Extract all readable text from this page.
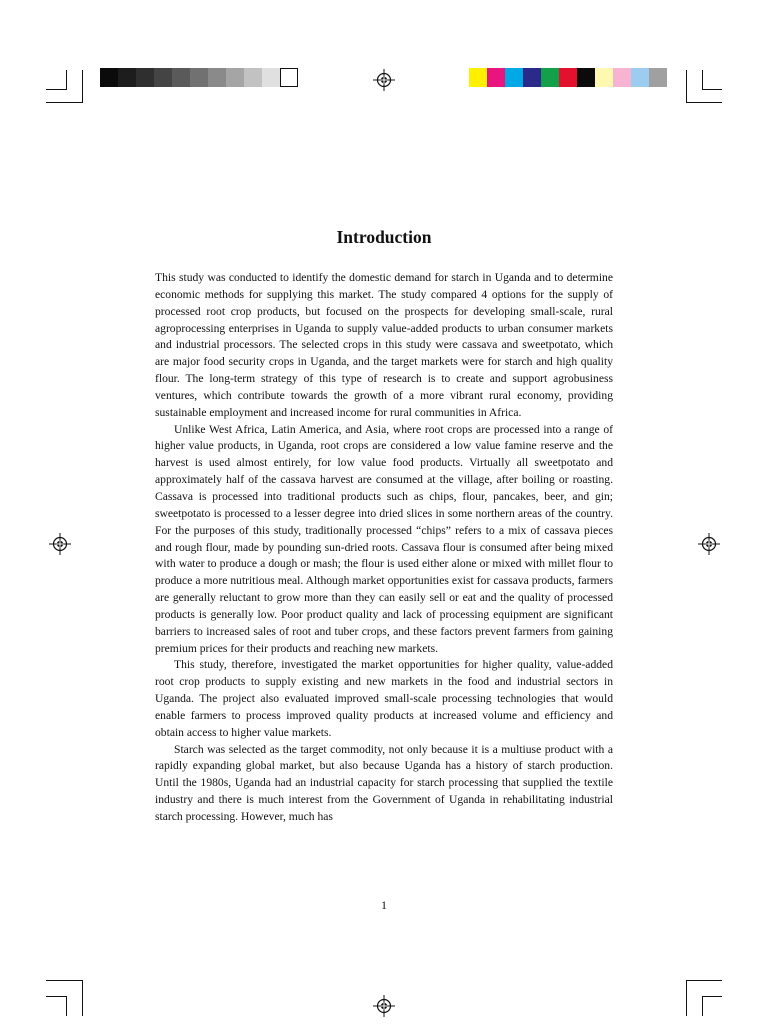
Introduction

This study was conducted to identify the domestic demand for starch in Uganda and to determine economic methods for supplying this market. The study compared 4 options for the supply of processed root crop products, but focused on the prospects for developing small-scale, rural agroprocessing enterprises in Uganda to supply value-added products to urban consumer markets and industrial processors. The selected crops in this study were cassava and sweetpotato, which are major food security crops in Uganda, and the target markets were for starch and high quality flour. The long-term strategy of this type of research is to create and support agrobusiness ventures, which contribute towards the growth of a more vibrant rural economy, providing sustainable employment and increased income for rural communities in Africa.

Unlike West Africa, Latin America, and Asia, where root crops are processed into a range of higher value products, in Uganda, root crops are considered a low value famine reserve and the harvest is used almost entirely, for low value food products. Virtually all sweetpotato and approximately half of the cassava harvest are consumed at the village, after boiling or roasting. Cassava is processed into traditional products such as chips, flour, pancakes, beer, and gin; sweetpotato is processed to a lesser degree into dried slices in some northern areas of the country. For the purposes of this study, traditionally processed “chips” refers to a mix of cassava pieces and rough flour, made by pounding sun-dried roots. Cassava flour is consumed after being mixed with water to produce a dough or mash; the flour is used either alone or mixed with millet flour to produce a more nutritious meal. Although market opportunities exist for cassava products, farmers are generally reluctant to grow more than they can easily sell or eat and the quality of processed products is generally low. Poor product quality and lack of processing equipment are significant barriers to increased sales of root and tuber crops, and these factors prevent farmers from gaining premium prices for their products and reaching new markets.

This study, therefore, investigated the market opportunities for higher quality, value-added root crop products to supply existing and new markets in the food and industrial sectors in Uganda. The project also evaluated improved small-scale processing technologies that would enable farmers to process improved quality products at increased volume and efficiency and obtain access to higher value markets.

Starch was selected as the target commodity, not only because it is a multiuse product with a rapidly expanding global market, but also because Uganda has a history of starch production. Until the 1980s, Uganda had an industrial capacity for starch processing that supplied the textile industry and there is much interest from the Government of Uganda in rehabilitating industrial starch processing. However, much has

1
